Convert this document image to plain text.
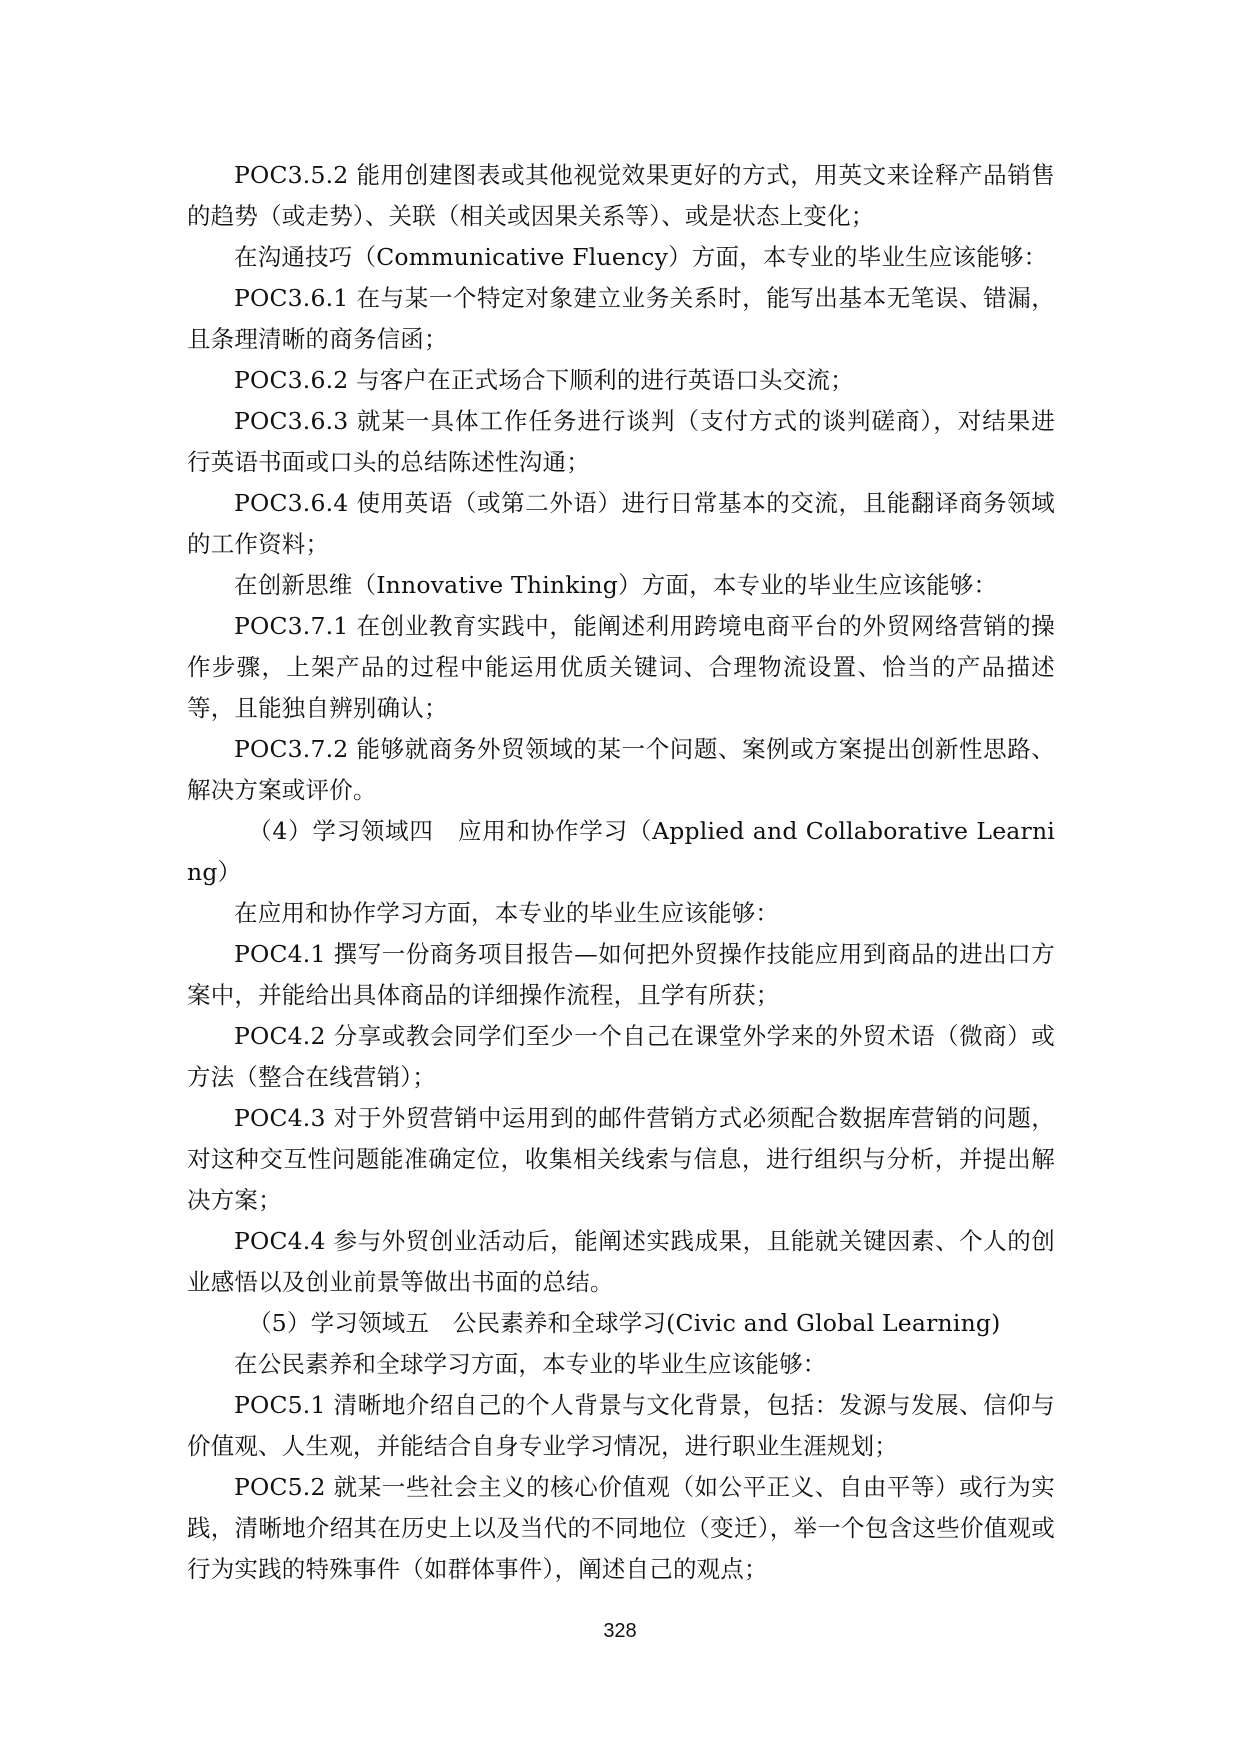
POC3.5.2 能用创建图表或其他视觉效果更好的方式，用英文来诠释产品销售的趋势（或走势）、关联（相关或因果关系等）、或是状态上变化；

在沟通技巧（Communicative Fluency）方面，本专业的毕业生应该能够：

POC3.6.1 在与某一个特定对象建立业务关系时，能写出基本无笔误、错漏，且条理清晰的商务信函；

POC3.6.2 与客户在正式场合下顺利的进行英语口头交流；

POC3.6.3 就某一具体工作任务进行谈判（支付方式的谈判磋商），对结果进行英语书面或口头的总结陈述性沟通；

POC3.6.4 使用英语（或第二外语）进行日常基本的交流，且能翻译商务领域的工作资料；

在创新思维（Innovative Thinking）方面，本专业的毕业生应该能够：

POC3.7.1 在创业教育实践中，能阐述利用跨境电商平台的外贸网络营销的操作步骤，上架产品的过程中能运用优质关键词、合理物流设置、恰当的产品描述等，且能独自辨别确认；

POC3.7.2 能够就商务外贸领域的某一个问题、案例或方案提出创新性思路、解决方案或评价。

（4）学习领域四　应用和协作学习（Applied and Collaborative Learning）

在应用和协作学习方面，本专业的毕业生应该能够：

POC4.1 撰写一份商务项目报告—如何把外贸操作技能应用到商品的进出口方案中，并能给出具体商品的详细操作流程，且学有所获；

POC4.2 分享或教会同学们至少一个自己在课堂外学来的外贸术语（微商）或方法（整合在线营销）；

POC4.3 对于外贸营销中运用到的邮件营销方式必须配合数据库营销的问题，对这种交互性问题能准确定位，收集相关线索与信息，进行组织与分析，并提出解决方案；

POC4.4 参与外贸创业活动后，能阐述实践成果，且能就关键因素、个人的创业感悟以及创业前景等做出书面的总结。

（5）学习领域五　公民素养和全球学习(Civic and Global Learning)

在公民素养和全球学习方面，本专业的毕业生应该能够：

POC5.1 清晰地介绍自己的个人背景与文化背景，包括：发源与发展、信仰与价值观、人生观，并能结合自身专业学习情况，进行职业生涯规划；

POC5.2 就某一些社会主义的核心价值观（如公平正义、自由平等）或行为实践，清晰地介绍其在历史上以及当代的不同地位（变迁），举一个包含这些价值观或行为实践的特殊事件（如群体事件），阐述自己的观点；

328
